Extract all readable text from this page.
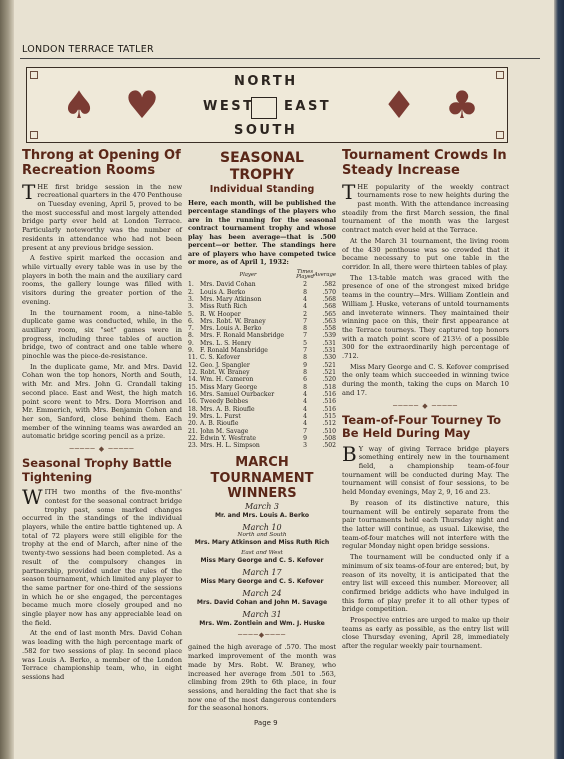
LONDON TERRACE TATLER
♠ ♥	♦ ♣
NORTH
WEST EAST
SOUTH
Throng at Opening Of Recreation Rooms

THE first bridge session in the new recreational quarters in the 470 Penthouse on Tuesday evening, April 5, proved to be the most successful and most largely attended bridge party ever held at London Terrace. Particularly noteworthy was the number of residents in attendance who had not been present at any previous bridge session.

A festive spirit marked the occasion and while virtually every table was in use by the players in both the main and the auxiliary card rooms, the gallery lounge was filled with visitors during the greater portion of the evening.

In the tournament room, a nine-table duplicate game was conducted, while, in the auxiliary room, six "set" games were in progress, including three tables of auction bridge, two of contract and one table where pinochle was the piece-de-resistance.

In the duplicate game, Mr. and Mrs. David Cohan won the top honors, North and South, with Mr. and Mrs. John G. Crandall taking second place. East and West, the high match point score went to Mrs. Dora Morrison and Mr. Emmerich, with Mrs. Benjamin Cohen and her son, Sanford, close behind them. Each member of the winning teams was awarded an automatic bridge scoring pencil as a prize.

───── ◆ ─────
Seasonal Trophy Battle Tightening

WITH two months of the five-months' contest for the seasonal contract bridge trophy past, some marked changes occurred in the standings of the individual players, while the entire battle tightened up. A total of 72 players were still eligible for the trophy at the end of March, after nine of the twenty-two sessions had been completed. As a result of the compulsory changes in partnership, provided under the rules of the season tournament, which limited any player to the same partner for one-third of the sessions in which he or she engaged, the percentages became much more closely grouped and no single player now has any appreciable lead on the field.

At the end of last month Mrs. David Cohan was leading with the high percentage mark of .582 for two sessions of play. In second place was Louis A. Berko, a member of the London Terrace championship team, who, in eight sessions had

SEASONAL TROPHY
Individual Standing

Here, each month, will be published the percentage standings of the players who are in the running for the seasonal contract tournament trophy and whose play has been average—that is .500 percent—or better. The standings here are of players who have competed twice or more, as of April 1, 1932:

	Player	Times Played	Average
1.	Mrs. David Cohan	2	.582
2.	Louis A. Berko	8	.570
3.	Mrs. Mary Atkinson	4	.568
3.	Miss Ruth Rich	4	.568
5.	R. W. Hooper	2	.565
6.	Mrs. Robt. W. Braney	7	.563
7.	Mrs. Louis A. Berko	8	.558
8.	Mrs. F. Ronald Mansbridge	7	.539
9.	Mrs. L. S. Henry	5	.531
9.	F. Ronald Mansbridge	7	.531
11.	C. S. Kefover	8	.530
12.	Geo. J. Spangler	9	.521
12.	Robt. W. Braney	8	.521
14.	Wm. H. Cameron	6	.520
15.	Miss Mary George	8	.518
16.	Mrs. Samuel Ourbacker	4	.516
16.	Tweedy Bebbes	4	.516
18.	Mrs. A. B. Rioufle	4	.516
19.	Mrs. L. Furst	4	.515
20.	A. B. Rioufle	4	.512
21.	John M. Savage	7	.510
22.	Edwin Y. Westrate	9	.508
23.	Mrs. H. L. Simpson	3	.502
MARCH TOURNAMENT WINNERS
March 3
Mr. and Mrs. Louis A. Berko
March 10
North and South
Mrs. Mary Atkinson and Miss Ruth Rich
East and West
Miss Mary George and C. S. Kefover
March 17
Miss Mary George and C. S. Kefover
March 24
Mrs. David Cohan and John M. Savage
March 31
Mrs. Wm. Zontlein and Wm. J. Huske
────◆────

gained the high average of .570. The most marked improvement of the month was made by Mrs. Robt. W. Braney, who increased her average from .501 to .563, climbing from 29th to 6th place, in four sessions, and heralding the fact that she is now one of the most dangerous contenders for the seasonal honors.

Tournament Crowds In Steady Increase

THE popularity of the weekly contract tournaments rose to new heights during the past month. With the attendance increasing steadily from the first March session, the final tournament of the month was the largest contract match ever held at the Terrace.

At the March 31 tournament, the living room of the 430 penthouse was so crowded that it became necessary to put one table in the corridor. In all, there were thirteen tables of play.

The 13-table match was graced with the presence of one of the strongest mixed bridge teams in the country—Mrs. William Zontlein and William J. Huske, veterans of untold tournaments and inveterate winners. They maintained their winning pace on this, their first appearance at the Terrace tourneys. They captured top honors with a match point score of 213½ of a possible 300 for the extraordinarily high percentage of .712.

Miss Mary George and C. S. Kefover comprised the only team which succeeded in winning twice during the month, taking the cups on March 10 and 17.

───── ◆ ─────
Team-of-Four Tourney To Be Held During May

B Y way of giving Terrace bridge players something entirely new in the tournament field, a championship team-of-four tournament will be conducted during May. The tournament will consist of four sessions, to be held Monday evenings, May 2, 9, 16 and 23.

By reason of its distinctive nature, this tournament will be entirely separate from the pair tournaments held each Thursday night and the latter will continue, as usual. Likewise, the team-of-four matches will not interfere with the regular Monday night open bridge sessions.

The tournament will be conducted only if a minimum of six teams-of-four are entered; but, by reason of its novelty, it is anticipated that the entry list will exceed this number. Moreover, all confirmed bridge addicts who have indulged in this form of play prefer it to all other types of bridge competition.

Prospective entries are urged to make up their teams as early as possible, as the entry list will close Thursday evening, April 28, immediately after the regular weekly pair tournament.

Page 9
